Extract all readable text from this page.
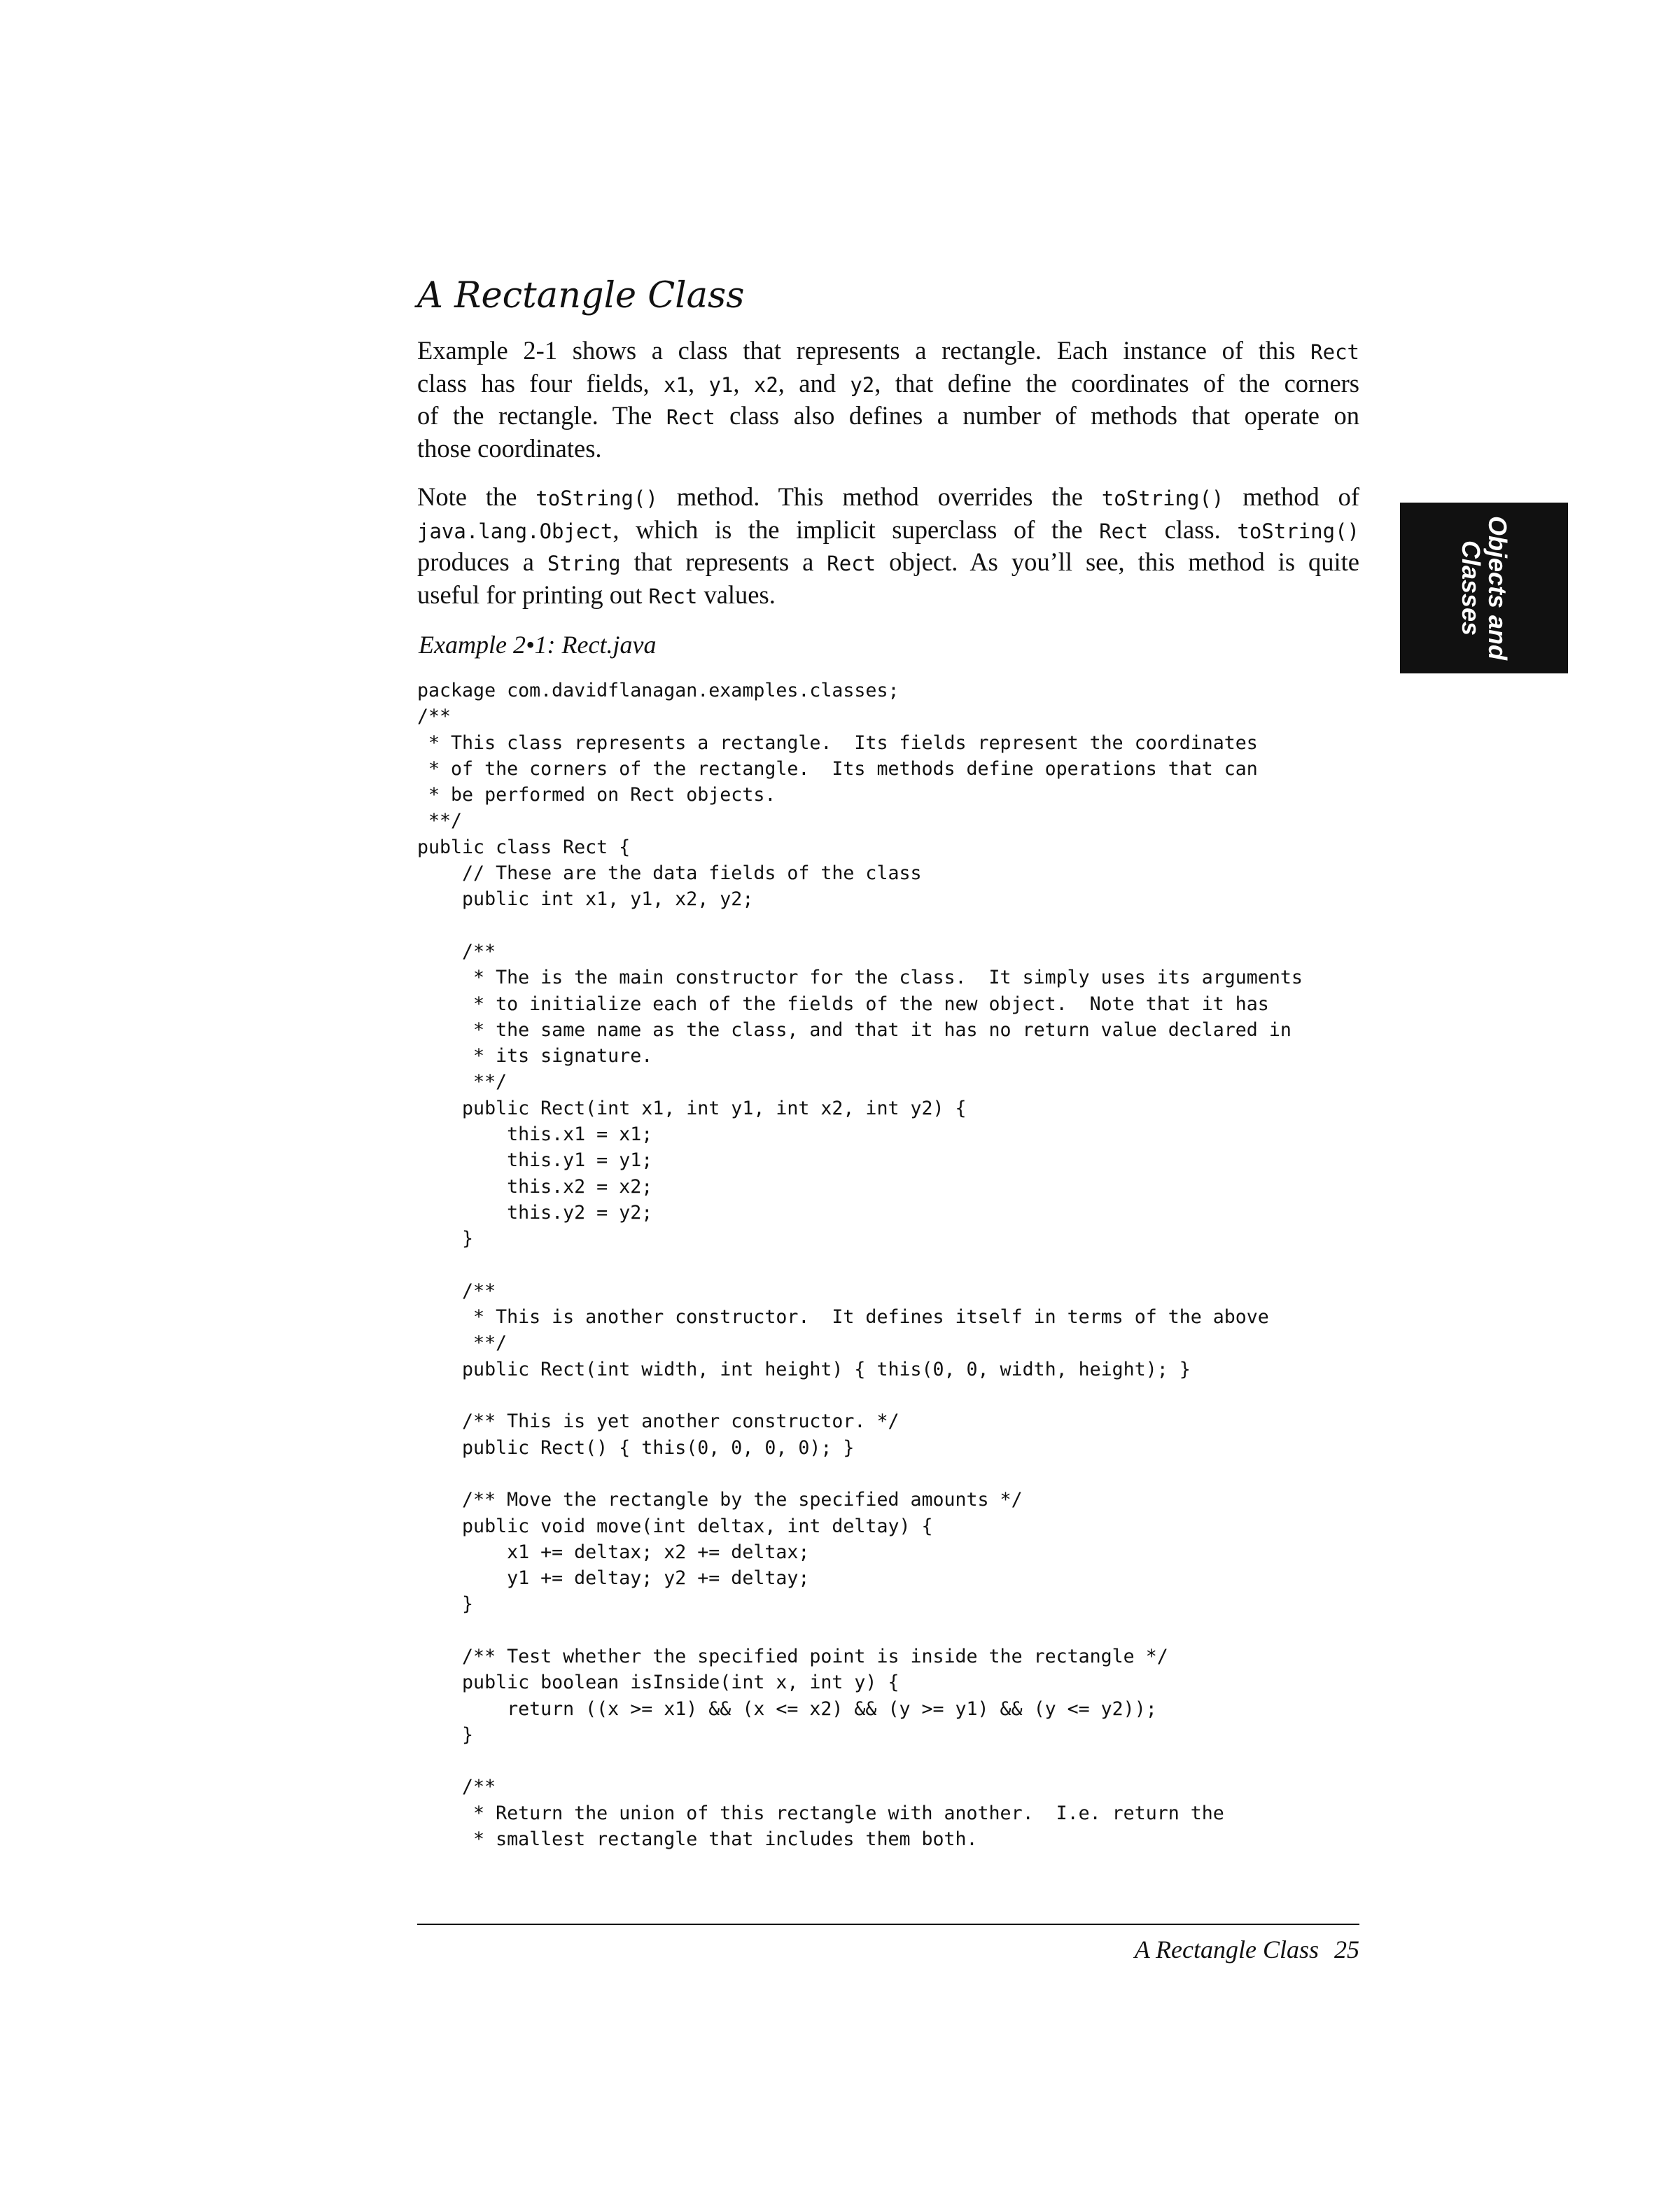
A Rectangle Class
Example 2-1 shows a class that represents a rectangle. Each instance of this Rect
class has four fields, x1, y1, x2, and y2, that define the coordinates of the corners
of the rectangle. The Rect class also defines a number of methods that operate on
those coordinates.
Note the toString() method. This method overrides the toString() method of
java.lang.Object, which is the implicit superclass of the Rect class. toString()
produces a String that represents a Rect object. As you’ll see, this method is quite
useful for printing out Rect values.
Example 2•1: Rect.java
package com.davidflanagan.examples.classes;
/**
* This class represents a rectangle.  Its fields represent the coordinates
* of the corners of the rectangle.  Its methods define operations that can
* be performed on Rect objects.
**/
public class Rect {
// These are the data fields of the class
public int x1, y1, x2, y2;

/**
* The is the main constructor for the class.  It simply uses its arguments
* to initialize each of the fields of the new object.  Note that it has
* the same name as the class, and that it has no return value declared in
* its signature.
**/
public Rect(int x1, int y1, int x2, int y2) {
this.x1 = x1;
this.y1 = y1;
this.x2 = x2;
this.y2 = y2;
}

/**
* This is another constructor.  It defines itself in terms of the above
**/
public Rect(int width, int height) { this(0, 0, width, height); }

/** This is yet another constructor. */
public Rect() { this(0, 0, 0, 0); }

/** Move the rectangle by the specified amounts */
public void move(int deltax, int deltay) {
x1 += deltax; x2 += deltax;
y1 += deltay; y2 += deltay;
}

/** Test whether the specified point is inside the rectangle */
public boolean isInside(int x, int y) {
return ((x >= x1) && (x <= x2) && (y >= y1) && (y <= y2));
}

/**
* Return the union of this rectangle with another.  I.e. return the
* smallest rectangle that includes them both.
A Rectangle Class 25
Objects and
Classes
